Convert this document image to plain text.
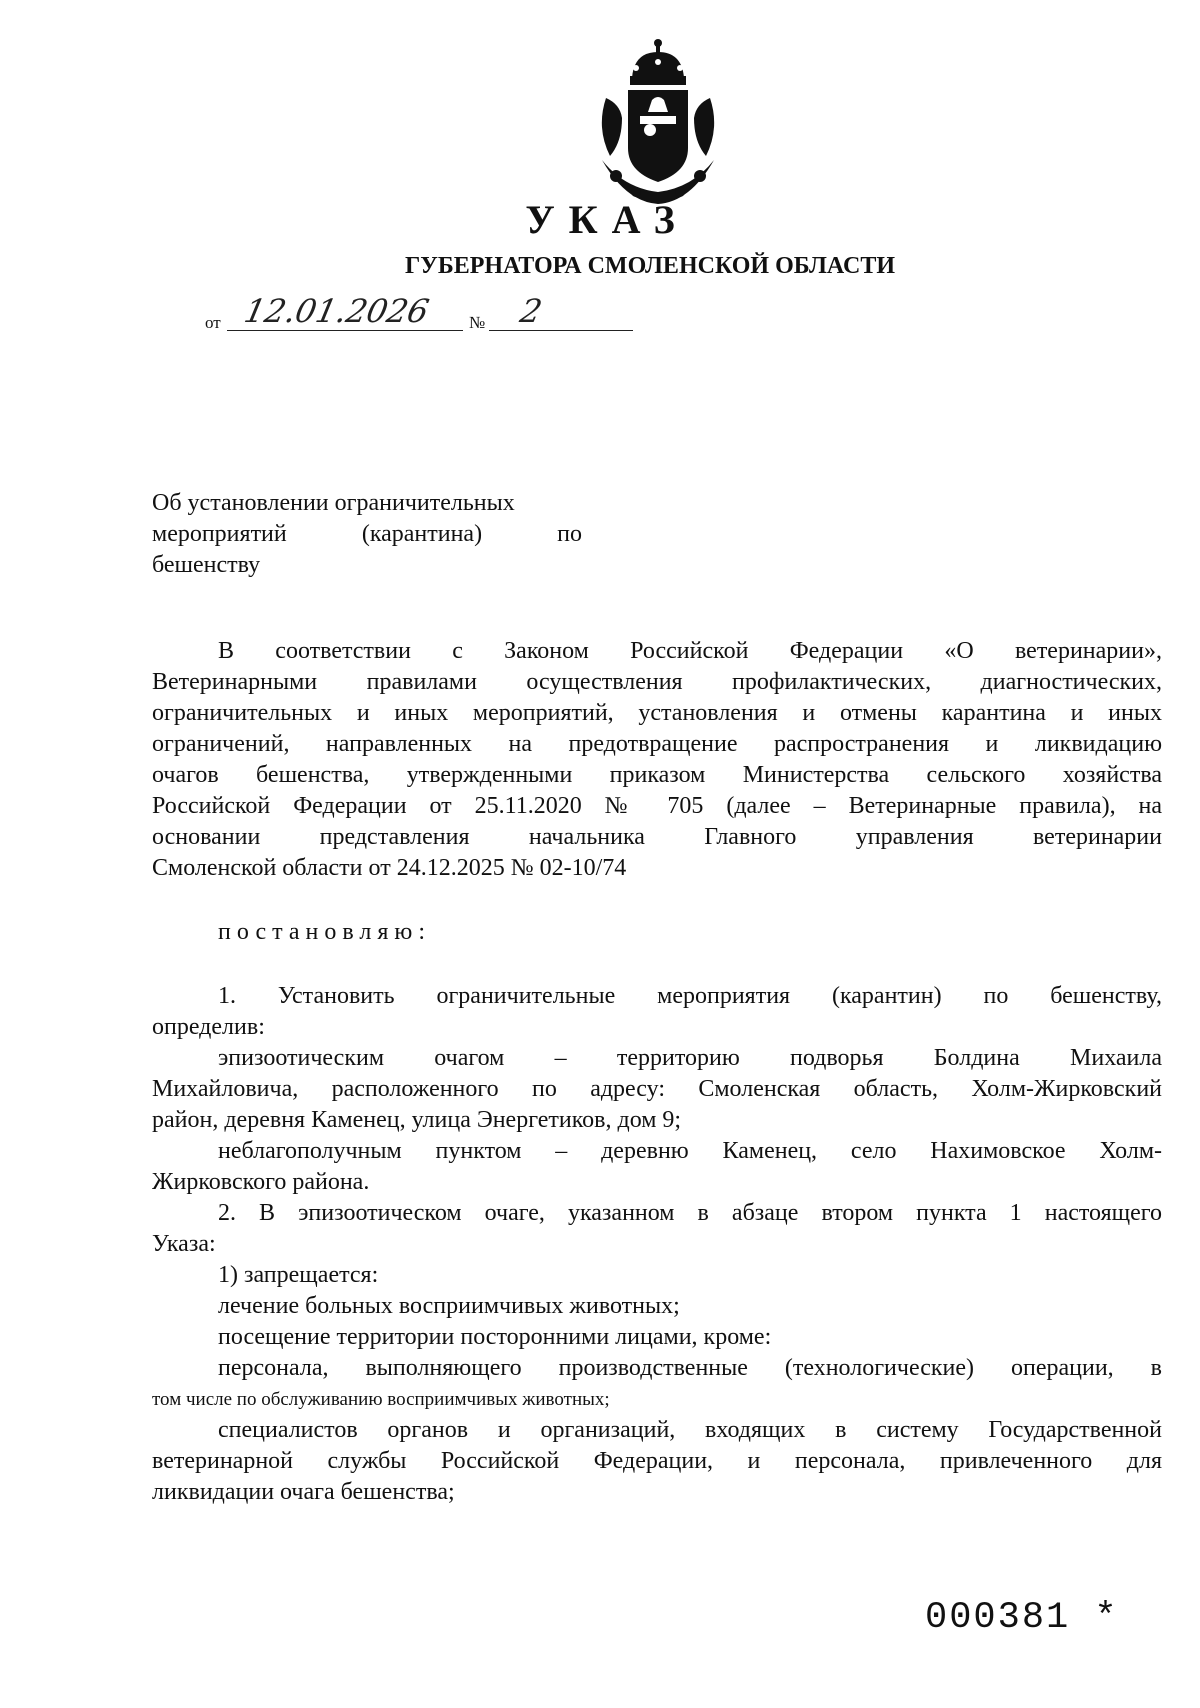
УКАЗ
ГУБЕРНАТОРА СМОЛЕНСКОЙ ОБЛАСТИ
от 12.01.2026 № 2
Об установлении ограничительных
мероприятий (карантина) по
бешенству

В соответствии с Законом Российской Федерации «О ветеринарии»,
Ветеринарными правилами осуществления профилактических, диагностических,
ограничительных и иных мероприятий, установления и отмены карантина и иных
ограничений, направленных на предотвращение распространения и ликвидацию
очагов бешенства, утвержденными приказом Министерства сельского хозяйства
Российской Федерации от 25.11.2020 № 705 (далее – Ветеринарные правила), на
основании представления начальника Главного управления ветеринарии
Смоленской области от 24.12.2025 № 02-10/74

постановляю:

1. Установить ограничительные мероприятия (карантин) по бешенству,
определив:
эпизоотическим очагом – территорию подворья Болдина Михаила
Михайловича, расположенного по адресу: Смоленская область, Холм-Жирковский
район, деревня Каменец, улица Энергетиков, дом 9;
неблагополучным пунктом – деревню Каменец, село Нахимовское Холм-
Жирковского района.
2. В эпизоотическом очаге, указанном в абзаце втором пункта 1 настоящего
Указа:
1) запрещается:
лечение больных восприимчивых животных;
посещение территории посторонними лицами, кроме:
персонала, выполняющего производственные (технологические) операции, в
том числе по обслуживанию восприимчивых животных;
специалистов органов и организаций, входящих в систему Государственной
ветеринарной службы Российской Федерации, и персонала, привлеченного для
ликвидации очага бешенства;
000381 *
